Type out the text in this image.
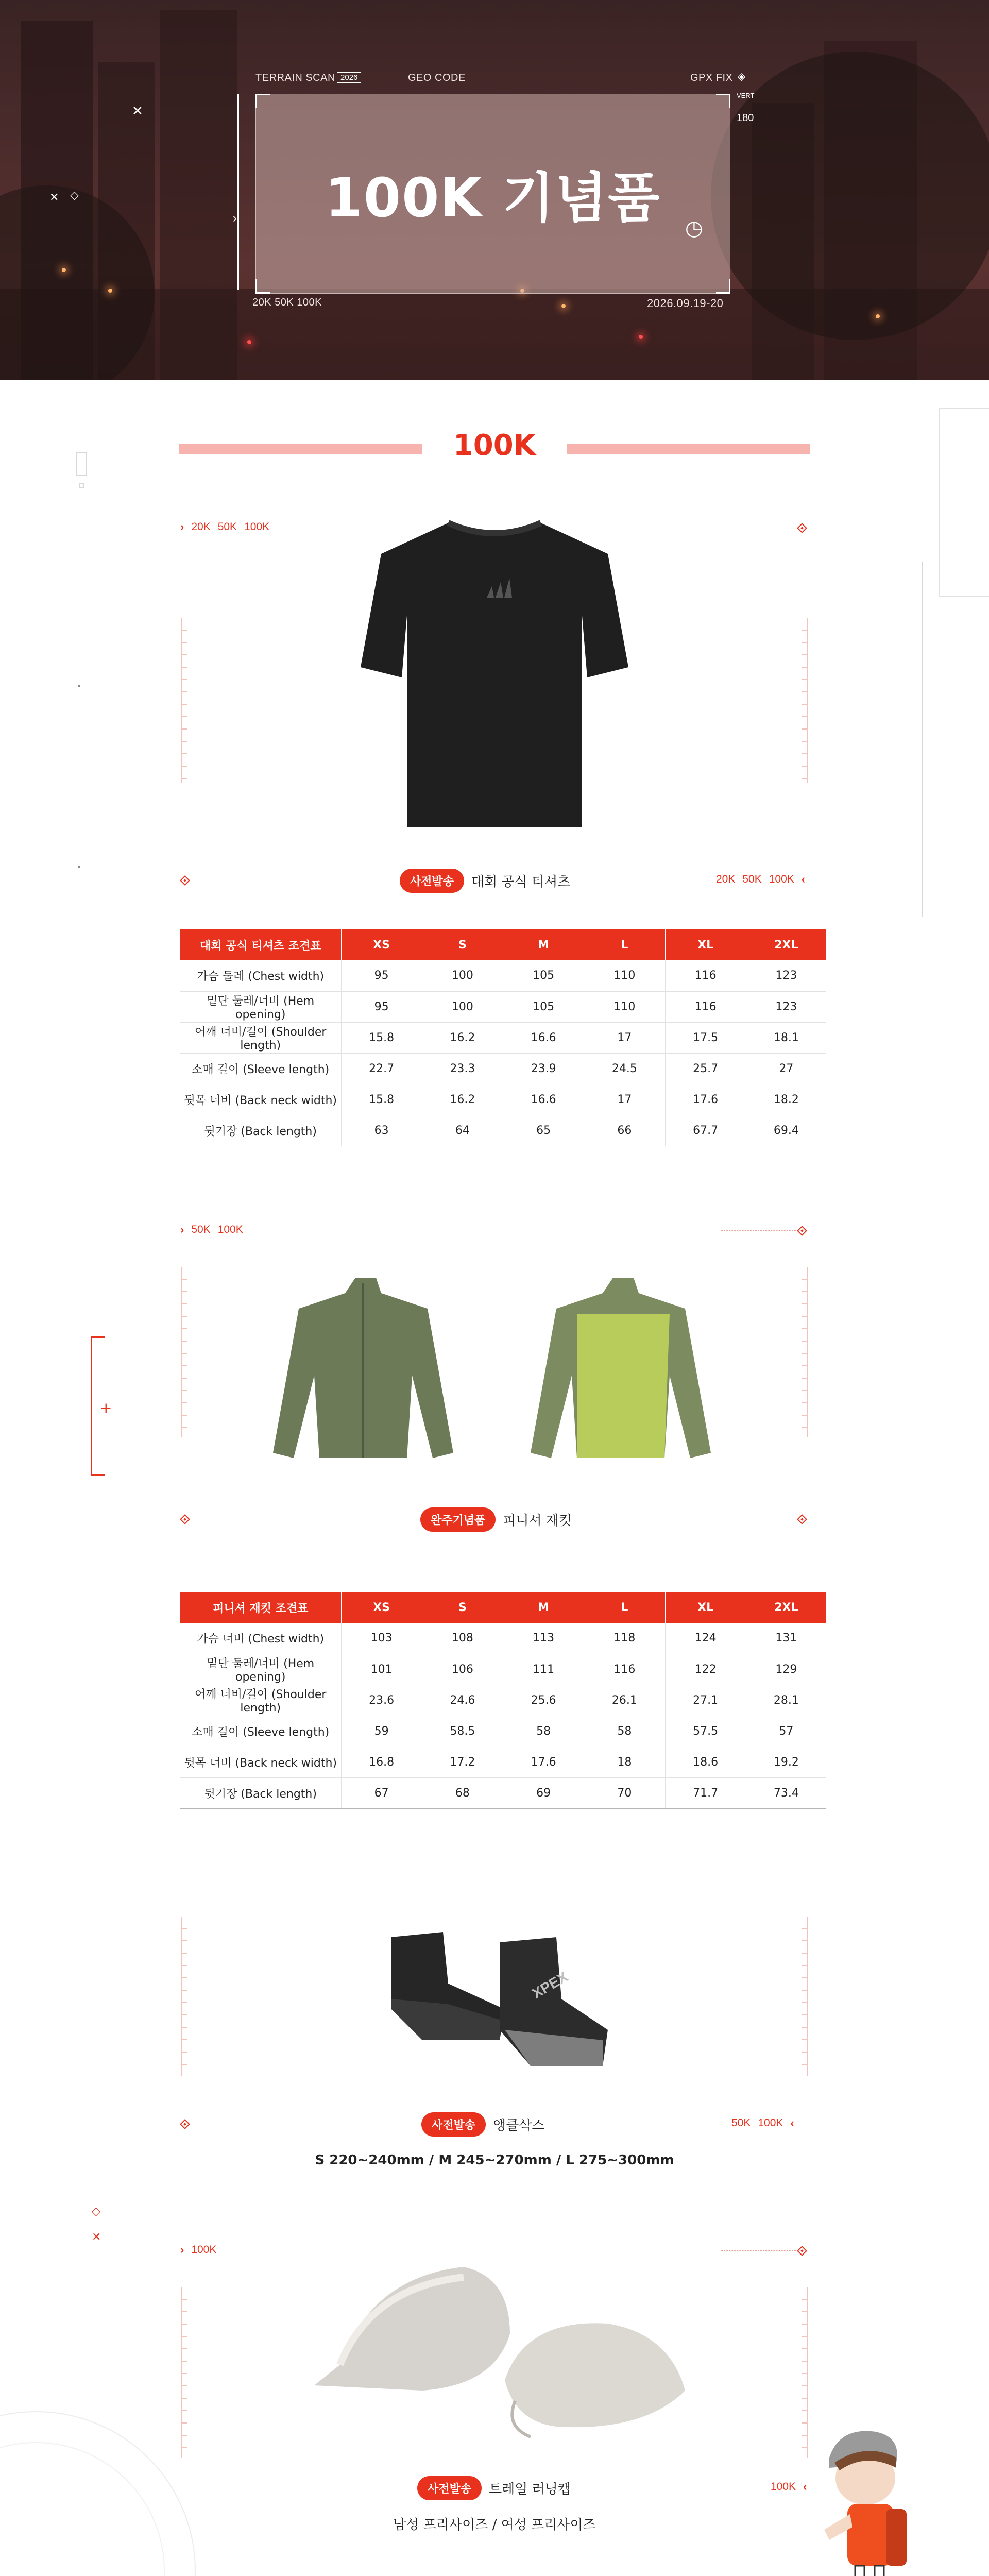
TERRAIN SCAN 2026	GEO CODE	GPX FIX ◈
VERT
180
✕
✕ ◇
›	◷
100K 기념품
20K 50K 100K	2026.09.19-20
+
◇
✕
100K
› 20K 50K 100K
사전발송	대회 공식 티셔츠	20K 50K 100K ‹
대회 공식 티셔츠 조견표	XS	S	M	L	XL	2XL
가슴 둘레 (Chest width)	95	100	105	110	116	123
밑단 둘레/너비 (Hem opening)	95	100	105	110	116	123
어깨 너비/길이 (Shoulder length)	15.8	16.2	16.6	17	17.5	18.1
소매 길이 (Sleeve length)	22.7	23.3	23.9	24.5	25.7	27
뒷목 너비 (Back neck width)	15.8	16.2	16.6	17	17.6	18.2
뒷기장 (Back length)	63	64	65	66	67.7	69.4
› 50K 100K
완주기념품	피니셔 재킷
피니셔 재킷 조견표	XS	S	M	L	XL	2XL
가슴 너비 (Chest width)	103	108	113	118	124	131
밑단 둘레/너비 (Hem opening)	101	106	111	116	122	129
어깨 너비/길이 (Shoulder length)	23.6	24.6	25.6	26.1	27.1	28.1
소매 길이 (Sleeve length)	59	58.5	58	58	57.5	57
뒷목 너비 (Back neck width)	16.8	17.2	17.6	18	18.6	19.2
뒷기장 (Back length)	67	68	69	70	71.7	73.4
XPEX
사전발송	앵클삭스	50K 100K ‹
S 220~240mm / M 245~270mm / L 275~300mm
› 100K
사전발송	트레일 러닝캡	100K ‹
남성 프리사이즈 / 여성 프리사이즈
